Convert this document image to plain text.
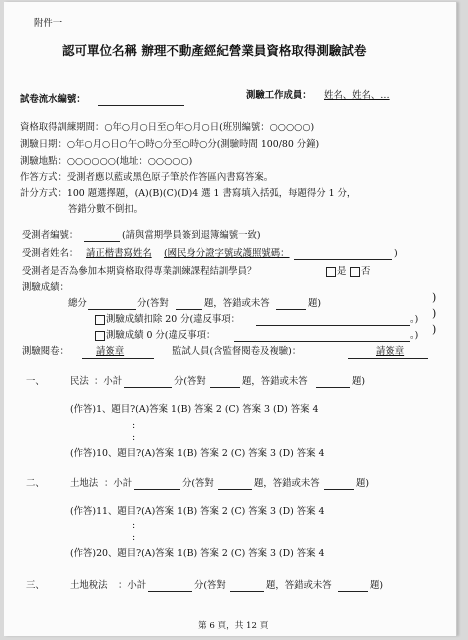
附件一
認可單位名稱 辦理不動產經紀營業員資格取得測驗試卷
試卷流水編號：	測驗工作成員： 姓名、姓名、…
資格取得訓練期間：○年○月○日至○年○月○日(班別編號：○○○○○)
測驗日期：○年○月○日○午○時○分至○時○分(測驗時間 100/80 分鐘)
測驗地點：○○○○○○(地址：○○○○○)
作答方式：受測者應以藍或黑色原子筆於作答區內書寫答案。
計分方式：100 題選擇題，(A)(B)(C)(D)4 選 1 書寫填入括弧，每題得分 1 分，
答錯分數不倒扣。
受測者編號：	(請與當期學員簽到退簿編號一致)
受測者姓名： 請正楷書寫姓名 (國民身分證字號或護照號碼：	)
受測者是否為參加本期資格取得專業訓練課程結訓學員？	是 否
測驗成績：
總分	分(答對	題，答錯或未答	題)
測驗成績扣除 20 分(違反事項：	。)
測驗成績 0 分(違反事項：	。)
)
)
)
測驗閱卷：	請簽章	監試人員(含監督閱卷及複驗)：	請簽章
一、	民法 ：小計	分(答對	題，答錯或未答	題)
(作答)1、題目?(A)答案 1(B) 答案 2 (C) 答案 3 (D) 答案 4
:
:
(作答)10、題目?(A)答案 1(B) 答案 2 (C) 答案 3 (D) 答案 4
二、	土地法 ：小計	分(答對	題，答錯或未答	題)
(作答)11、題目?(A)答案 1(B) 答案 2 (C) 答案 3 (D) 答案 4
:
:
(作答)20、題目?(A)答案 1(B) 答案 2 (C) 答案 3 (D) 答案 4
三、	土地稅法 ：小計	分(答對	題，答錯或未答	題)
第 6 頁，共 12 頁
